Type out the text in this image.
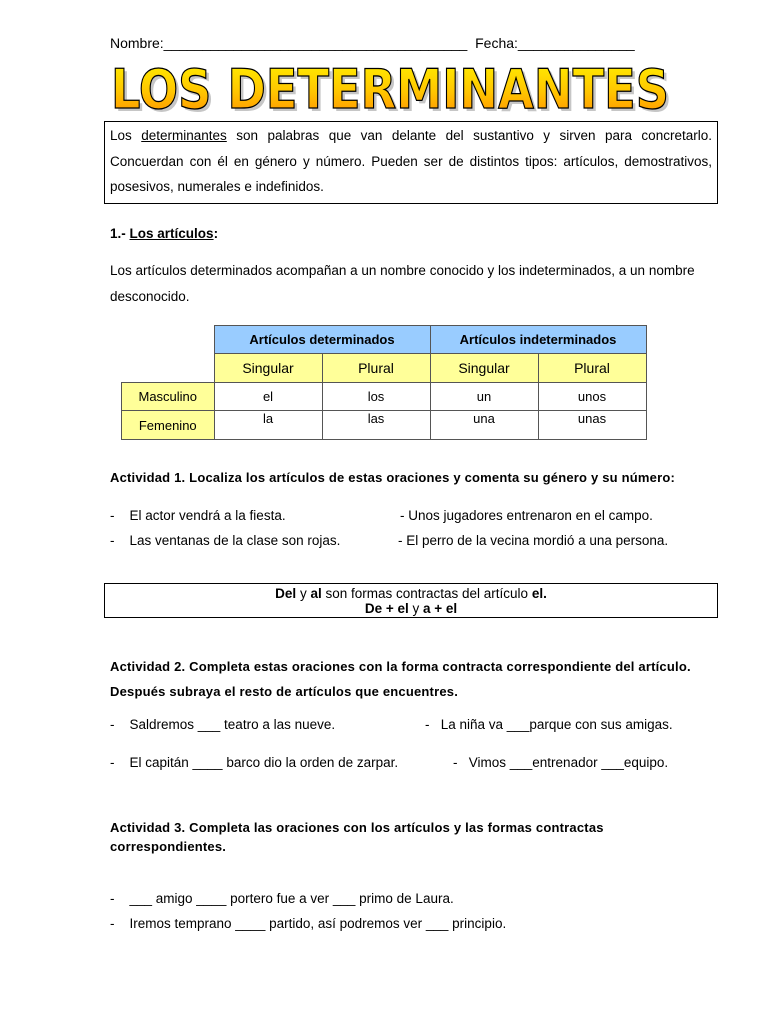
Nombre:_______________________________________ Fecha:_______________
LOS DETERMINANTES
LOS DETERMINANTES
Los determinantes son palabras que van delante del sustantivo y sirven para concretarlo. Concuerdan con él en género y número. Pueden ser de distintos tipos: artículos, demostrativos, posesivos, numerales e indefinidos.
1.- Los artículos:
Los artículos determinados acompañan a un nombre conocido y los indeterminados, a un nombre desconocido.
	Artículos determinados		Artículos indeterminados	
	Singular	Plural	Singular	Plural
Masculino	el	los	un	unos
Femenino	la	las	una	unas
Actividad 1. Localiza los artículos de estas oraciones y comenta su género y su número:
-    El actor vendrá a la fiesta.	- Unos jugadores entrenaron en el campo.
-    Las ventanas de la clase son rojas.	- El perro de la vecina mordió a una persona.
Del y al son formas contractas del artículo el.
De + el y a + el
Actividad 2. Completa estas oraciones con la forma contracta correspondiente del artículo. Después subraya el resto de artículos que encuentres.
-    Saldremos ___ teatro a las nueve.	-   La niña va ___parque con sus amigas.
-    El capitán ____ barco dio la orden de zarpar.	-   Vimos ___entrenador ___equipo.
Actividad 3. Completa las oraciones con los artículos y las formas contractas correspondientes.
-    ___ amigo ____ portero fue a ver ___ primo de Laura.
-    Iremos temprano ____ partido, así podremos ver ___ principio.
